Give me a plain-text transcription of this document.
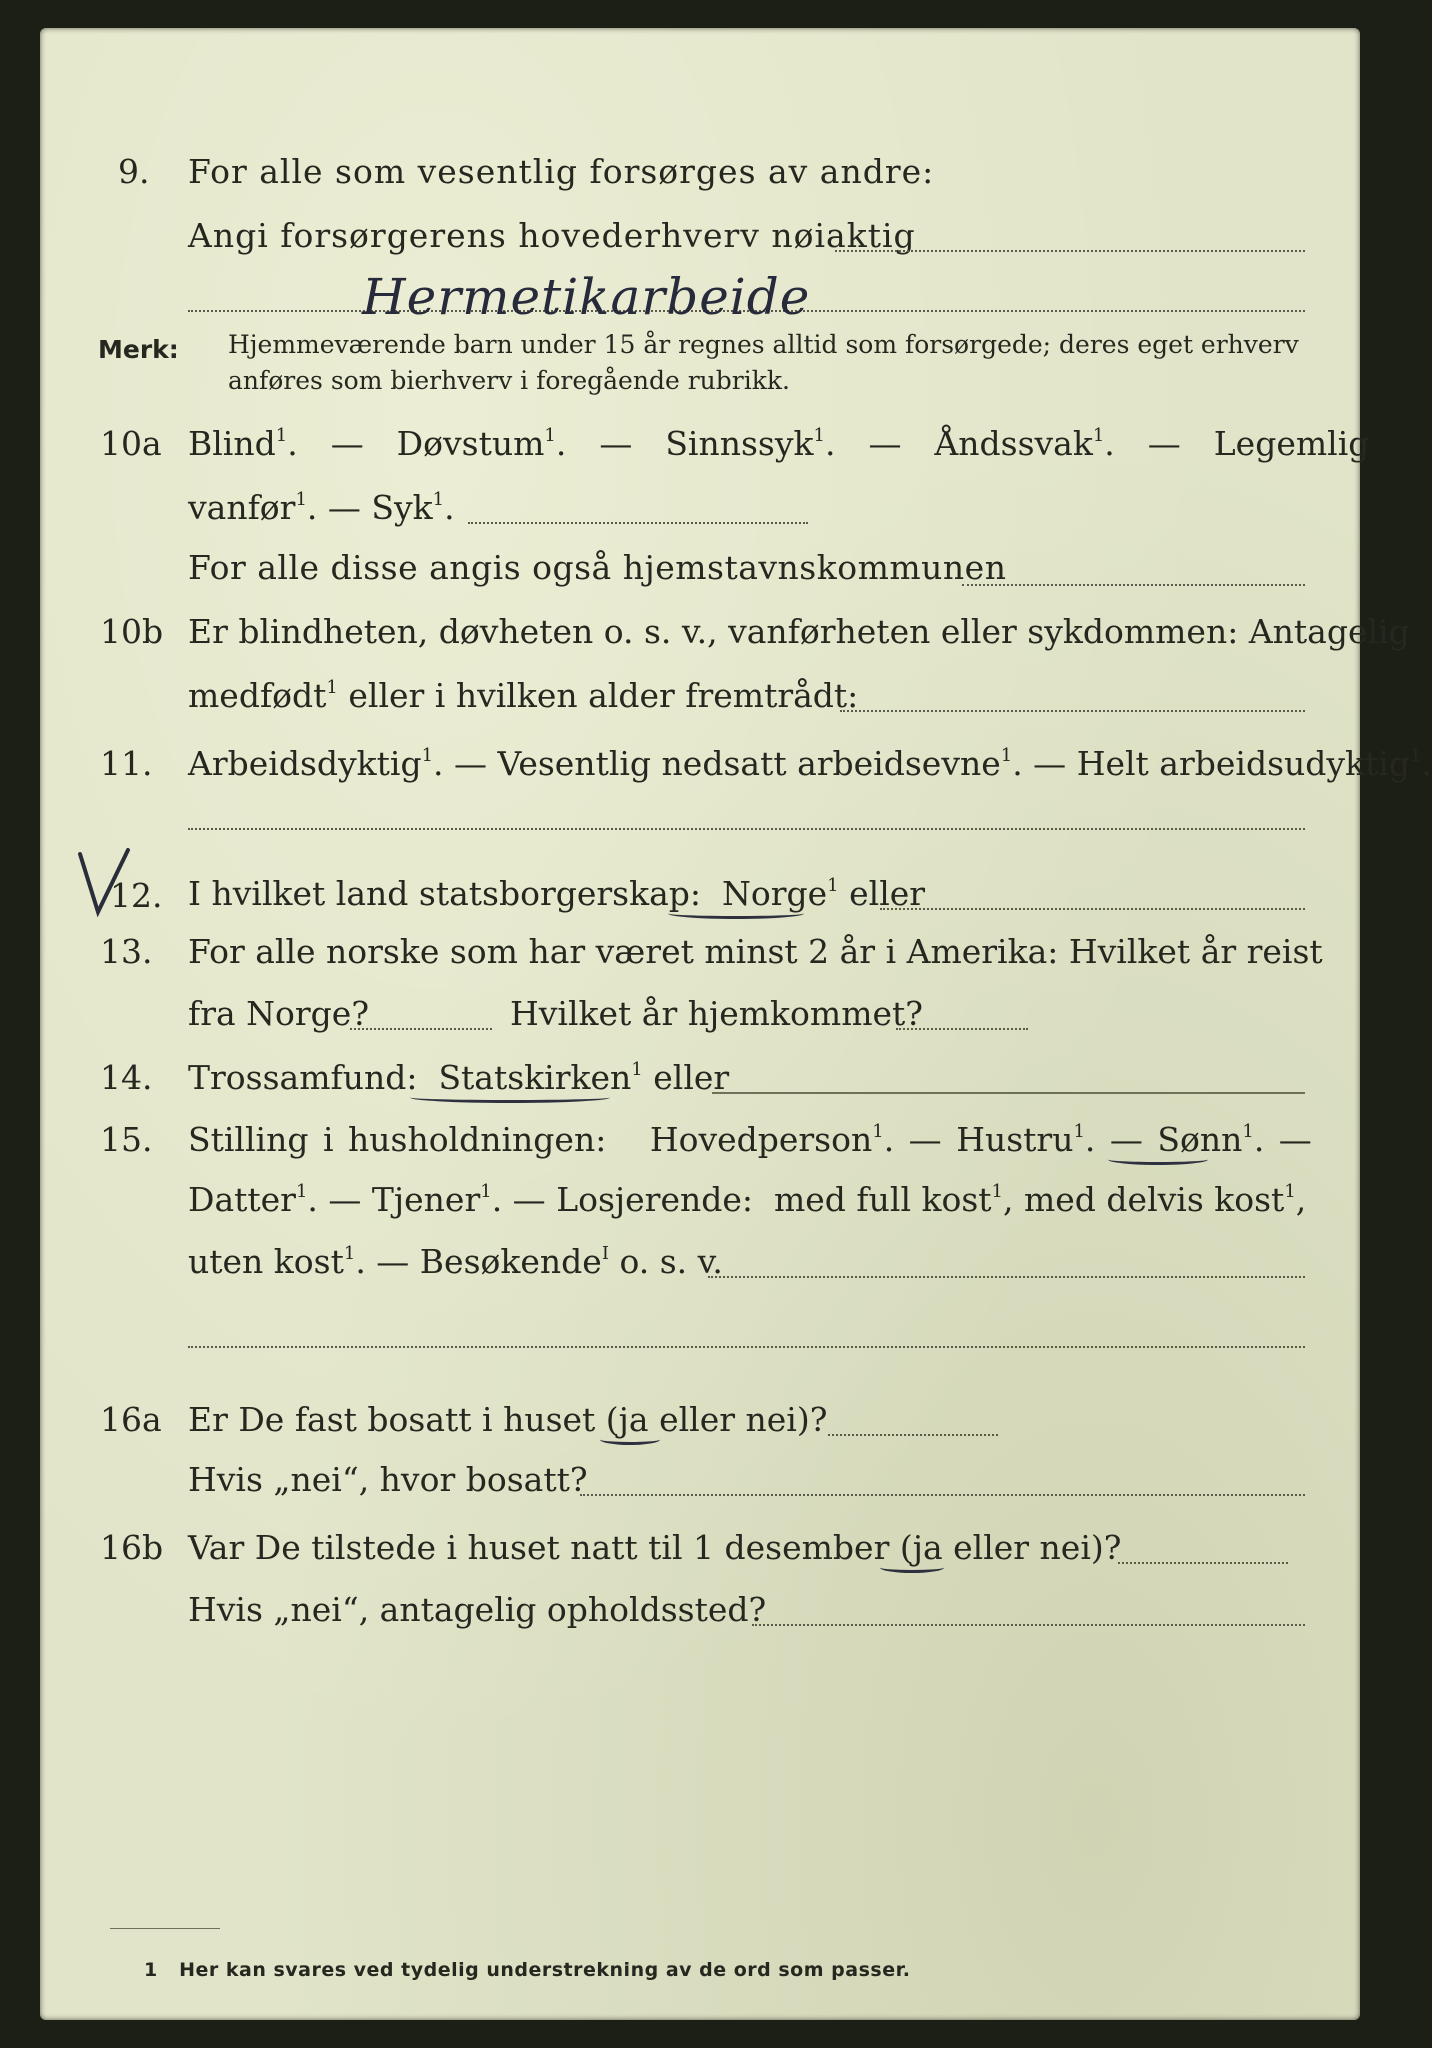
9. For alle som vesentlig forsørges av andre:
Angi forsørgerens hovederhverv nøiaktig
Hermetikarbeide
Merk: Hjemmeværende barn under 15 år regnes alltid som forsørgede; deres eget erhverv
anføres som bierhverv i foregående rubrikk.
10a Blind$^1$.  — Døvstum$^1$.  — Sinnssyk$^1$.  — Åndssvak$^1$.  — Legemlig
vanfør$^1$. — Syk$^1$.
For alle disse angis også hjemstavnskommunen
10b Er blindheten, døvheten o. s. v., vanførheten eller sykdommen: Antagelig
medfødt$^1$ eller i hvilken alder fremtrådt:
11. Arbeidsdyktig$^1$. — Vesentlig nedsatt arbeidsevne$^1$. — Helt arbeidsudyktig$^1$.
12. I hvilket land statsborgerskap: Norge$^1$ eller
13. For alle norske som har været minst 2 år i Amerika: Hvilket år reist
fra Norge?	Hvilket år hjemkommet?
14. Trossamfund: Statskirken$^1$ eller
15. Stilling i husholdningen: Hovedperson$^1$. — Hustru$^1$. — Sønn$^1$. —
Datter$^1$. — Tjener$^1$. — Losjerende: med full kost$^1$, med delvis kost$^1$,
uten kost$^1$. — Besøkende$^I$ o. s. v.
16a Er De fast bosatt i huset (ja eller nei)?
Hvis „nei“, hvor bosatt?
16b Var De tilstede i huset natt til 1 desember (ja eller nei)?
Hvis „nei“, antagelig opholdssted?
1 Her kan svares ved tydelig understrekning av de ord som passer.
